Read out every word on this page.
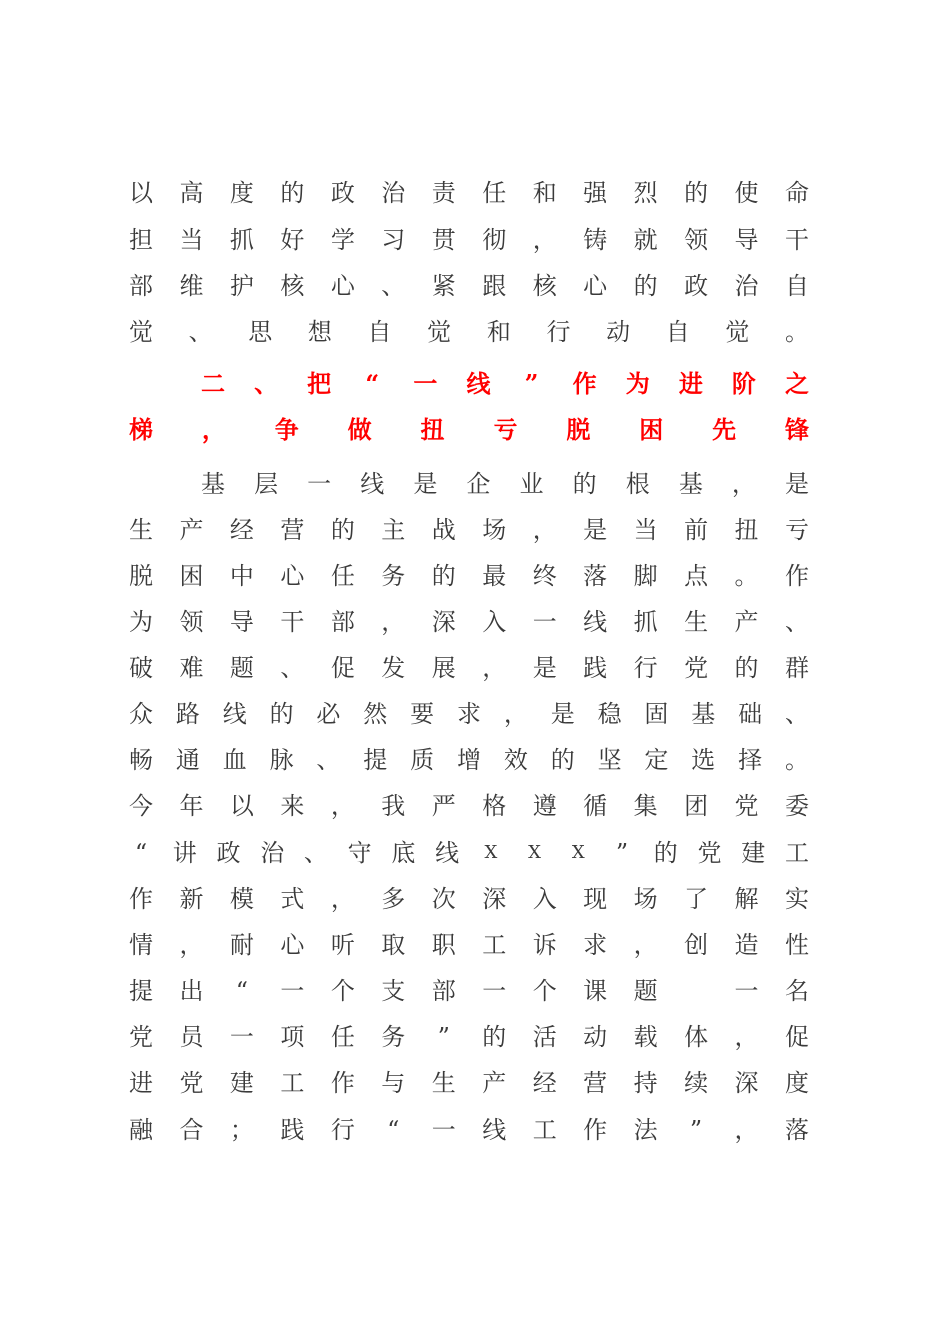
以 高 度 的 政 治 责 任 和 强 烈 的 使 命
担 当 抓 好 学 习 贯 彻 ， 铸 就 领 导 干
部 维 护 核 心 、 紧 跟 核 心 的 政 治 自
觉 、 思 想 自 觉 和 行 动 自 觉 。
二 、 把 “ 一 线 ” 作 为 进 阶 之
梯 ， 争 做 扭 亏 脱 困 先 锋
基 层 一 线 是 企 业 的 根 基 ， 是
生 产 经 营 的 主 战 场 ， 是 当 前 扭 亏
脱 困 中 心 任 务 的 最 终 落 脚 点 。 作
为 领 导 干 部 ， 深 入 一 线 抓 生 产 、
破 难 题 、 促 发 展 ， 是 践 行 党 的 群
众 路 线 的 必 然 要 求 ， 是 稳 固 基 础 、
畅 通 血 脉 、 提 质 增 效 的 坚 定 选 择 。
今 年 以 来 ， 我 严 格 遵 循 集 团 党 委
“ 讲 政 治 、 守 底 线	X	X	X ” 的 党 建 工
作 新 模 式 ， 多 次 深 入 现 场 了 解 实
情 ， 耐 心 听 取 职 工 诉 求 ， 创 造 性
提 出 “ 一 个 支 部 一 个 课 题	一 名
党 员 一 项 任 务 ” 的 活 动 载 体 ， 促
进 党 建 工 作 与 生 产 经 营 持 续 深 度
融 合 ； 践 行 “ 一 线 工 作 法 ” ， 落
